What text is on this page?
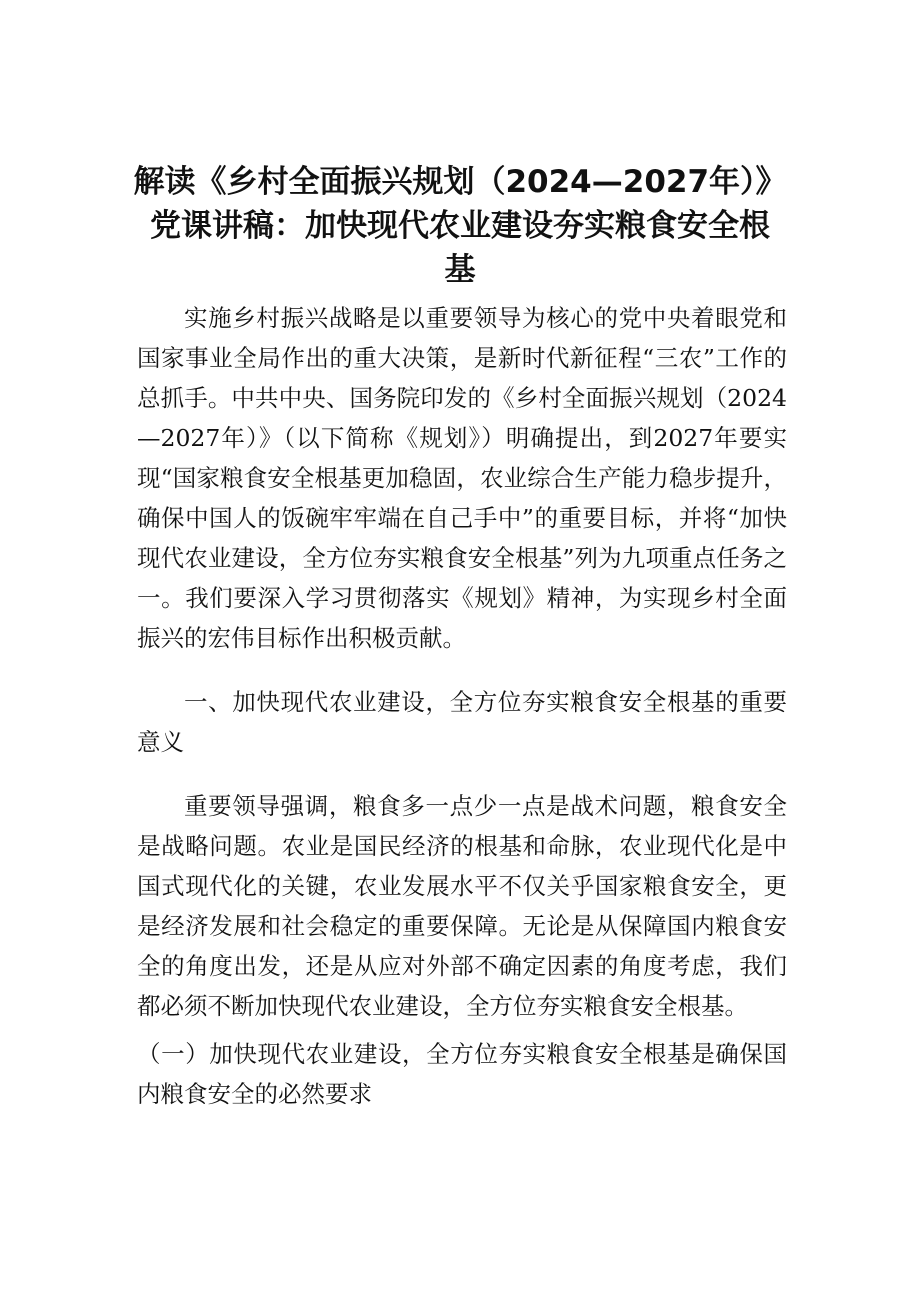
解读《乡村全面振兴规划（2024—2027年）》
党课讲稿：加快现代农业建设夯实粮食安全根
基

实施乡村振兴战略是以重要领导为核心的党中央着眼党和国家事业全局作出的重大决策，是新时代新征程“三农”工作的总抓手。中共中央、国务院印发的《乡村全面振兴规划（2024—2027年）》（以下简称《规划》）明确提出，到2027年要实现“国家粮食安全根基更加稳固，农业综合生产能力稳步提升，确保中国人的饭碗牢牢端在自己手中”的重要目标，并将“加快现代农业建设，全方位夯实粮食安全根基”列为九项重点任务之一。我们要深入学习贯彻落实《规划》精神，为实现乡村全面振兴的宏伟目标作出积极贡献。

一、加快现代农业建设，全方位夯实粮食安全根基的重要意义

重要领导强调，粮食多一点少一点是战术问题，粮食安全是战略问题。农业是国民经济的根基和命脉，农业现代化是中国式现代化的关键，农业发展水平不仅关乎国家粮食安全，更是经济发展和社会稳定的重要保障。无论是从保障国内粮食安全的角度出发，还是从应对外部不确定因素的角度考虑，我们都必须不断加快现代农业建设，全方位夯实粮食安全根基。

（一）加快现代农业建设，全方位夯实粮食安全根基是确保国内粮食安全的必然要求
